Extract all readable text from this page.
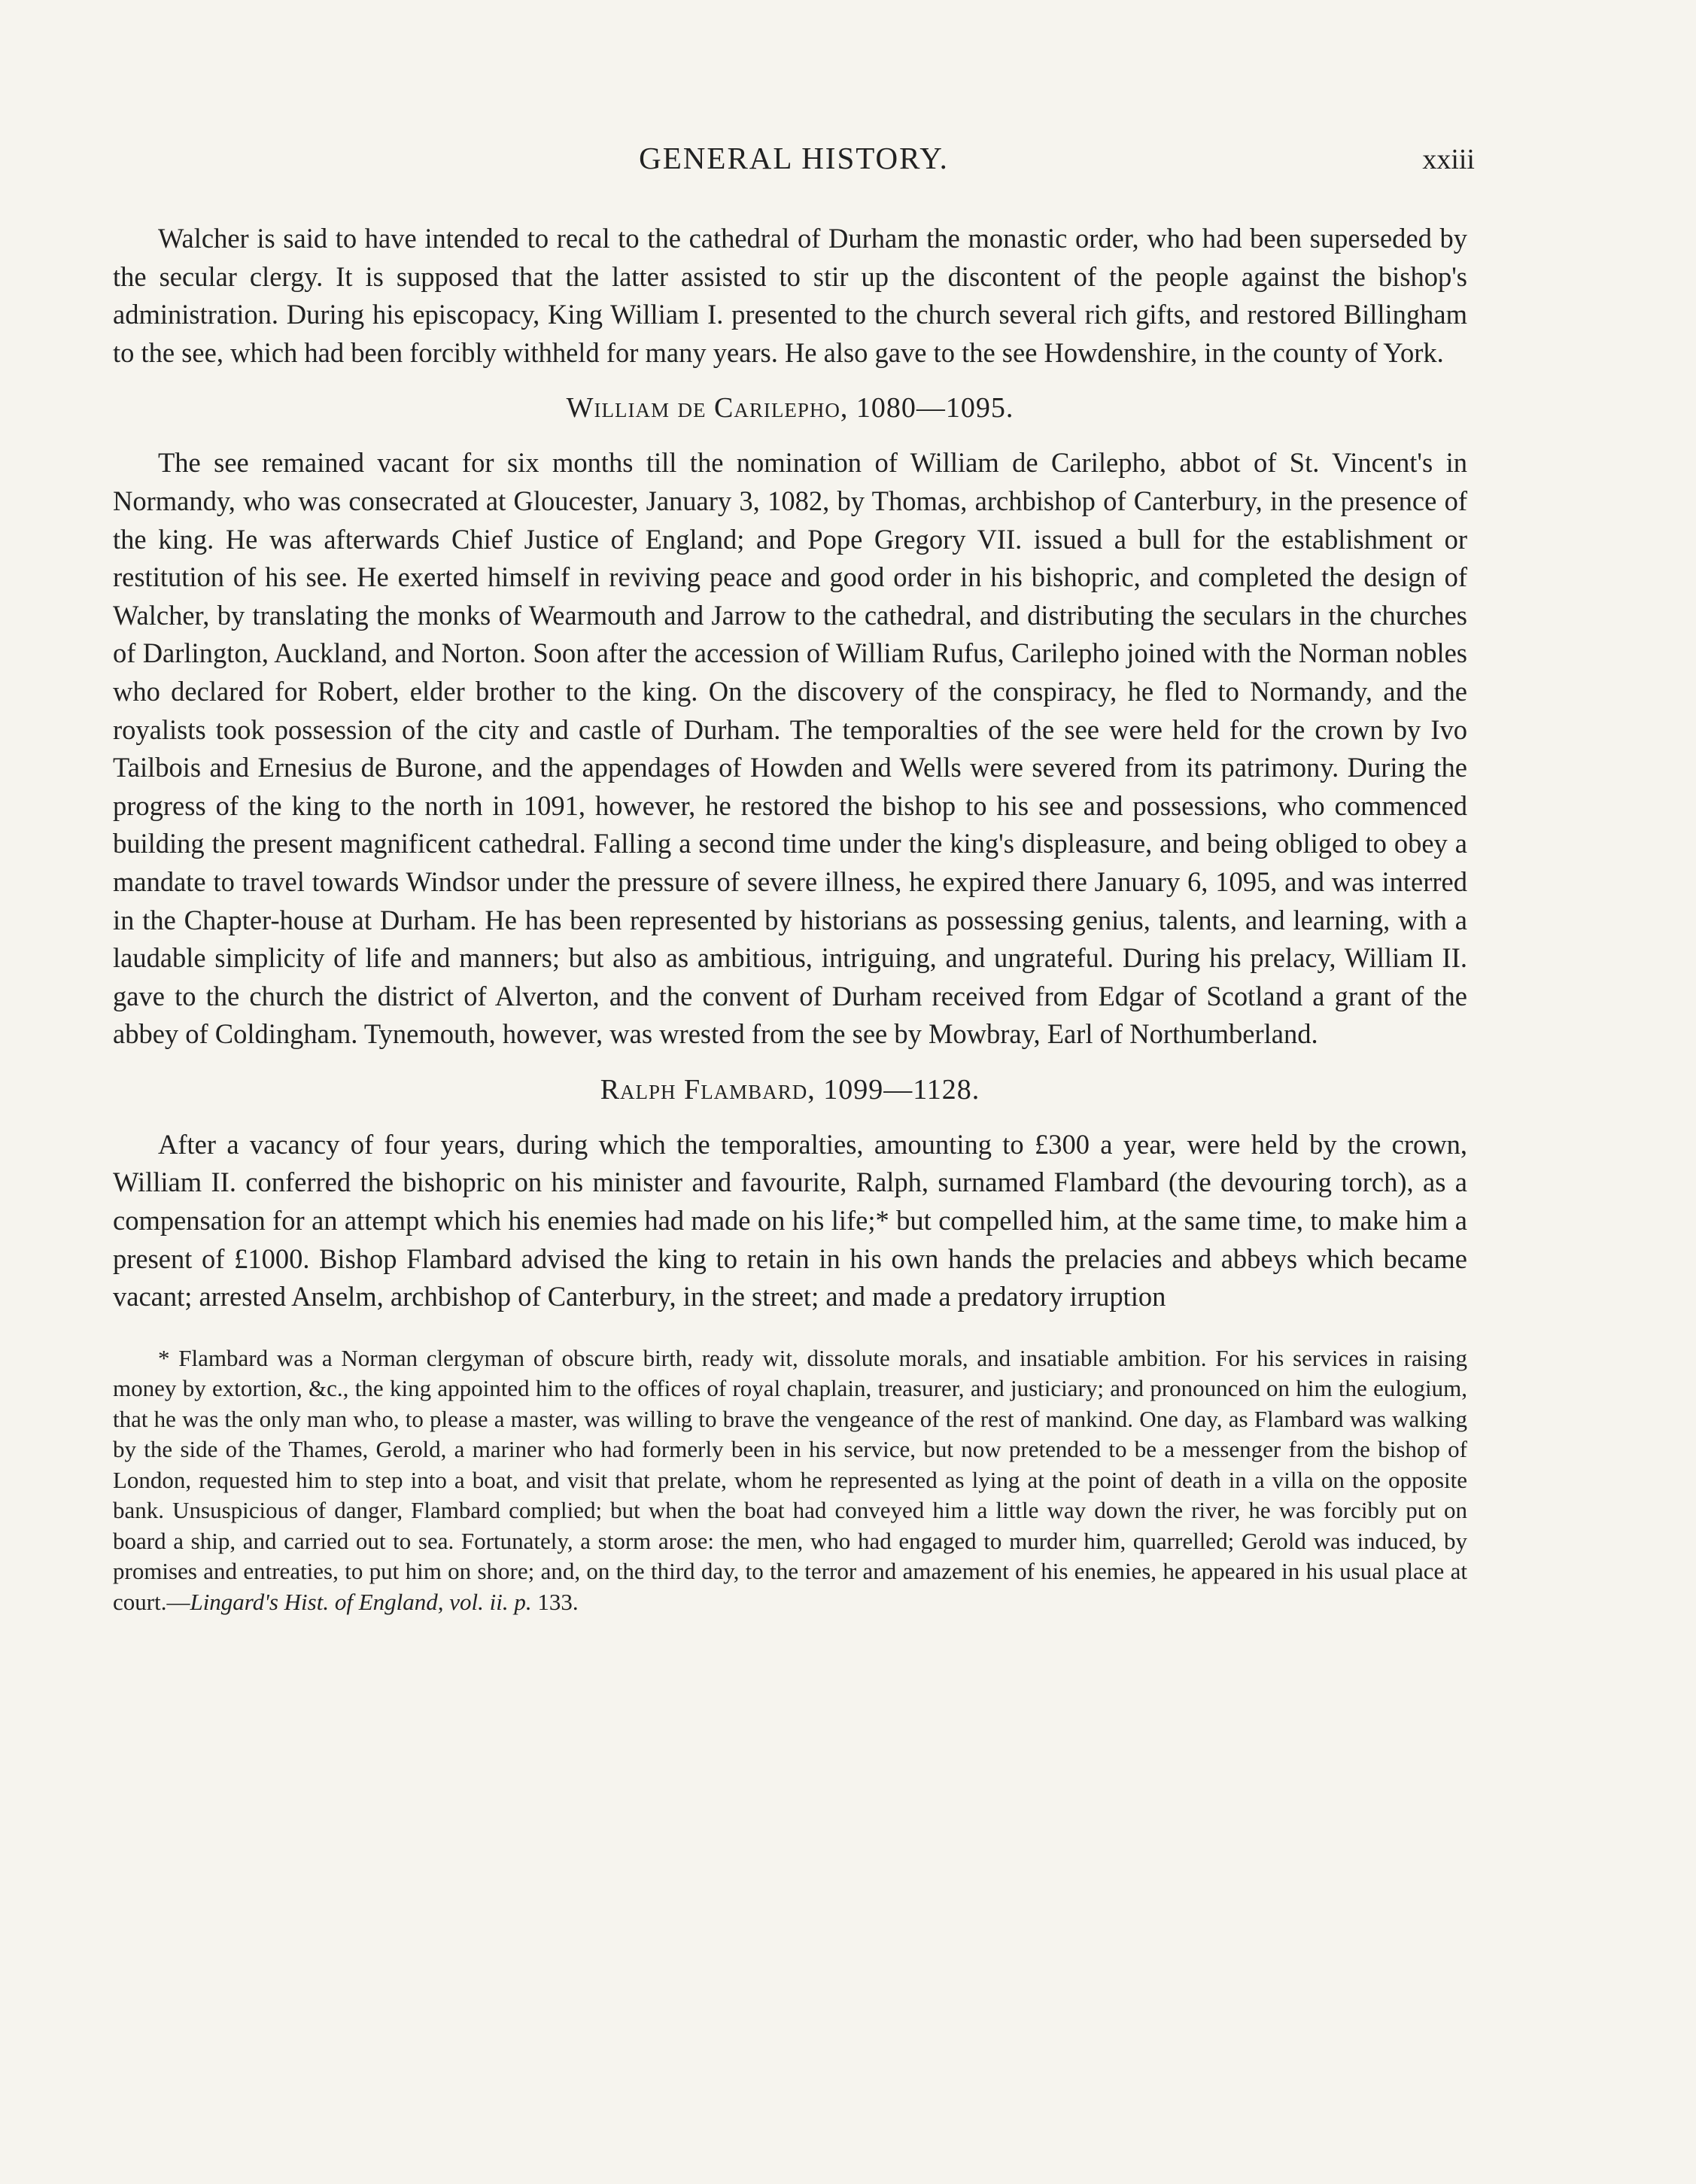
GENERAL HISTORY.	xxiii

Walcher is said to have intended to recal to the cathedral of Durham the monastic order, who had been superseded by the secular clergy. It is supposed that the latter assisted to stir up the discontent of the people against the bishop's administration. During his episcopacy, King William I. presented to the church several rich gifts, and restored Billingham to the see, which had been forcibly withheld for many years. He also gave to the see Howdenshire, in the county of York.

William de Carilepho, 1080—1095.

The see remained vacant for six months till the nomination of William de Carilepho, abbot of St. Vincent's in Normandy, who was consecrated at Gloucester, January 3, 1082, by Thomas, archbishop of Canterbury, in the presence of the king. He was afterwards Chief Justice of England; and Pope Gregory VII. issued a bull for the establishment or restitution of his see. He exerted himself in reviving peace and good order in his bishopric, and completed the design of Walcher, by translating the monks of Wearmouth and Jarrow to the cathedral, and distributing the seculars in the churches of Darlington, Auckland, and Norton. Soon after the accession of William Rufus, Carilepho joined with the Norman nobles who declared for Robert, elder brother to the king. On the discovery of the conspiracy, he fled to Normandy, and the royalists took possession of the city and castle of Durham. The temporalties of the see were held for the crown by Ivo Tailbois and Ernesius de Burone, and the appendages of Howden and Wells were severed from its patrimony. During the progress of the king to the north in 1091, however, he restored the bishop to his see and possessions, who commenced building the present magnificent cathedral. Falling a second time under the king's displeasure, and being obliged to obey a mandate to travel towards Windsor under the pressure of severe illness, he expired there January 6, 1095, and was interred in the Chapter-house at Durham. He has been represented by historians as possessing genius, talents, and learning, with a laudable simplicity of life and manners; but also as ambitious, intriguing, and ungrateful. During his prelacy, William II. gave to the church the district of Alverton, and the convent of Durham received from Edgar of Scotland a grant of the abbey of Coldingham. Tynemouth, however, was wrested from the see by Mowbray, Earl of Northumberland.

Ralph Flambard, 1099—1128.

After a vacancy of four years, during which the temporalties, amounting to £300 a year, were held by the crown, William II. conferred the bishopric on his minister and favourite, Ralph, surnamed Flambard (the devouring torch), as a compensation for an attempt which his enemies had made on his life;* but compelled him, at the same time, to make him a present of £1000. Bishop Flambard advised the king to retain in his own hands the prelacies and abbeys which became vacant; arrested Anselm, archbishop of Canterbury, in the street; and made a predatory irruption

* Flambard was a Norman clergyman of obscure birth, ready wit, dissolute morals, and insatiable ambition. For his services in raising money by extortion, &c., the king appointed him to the offices of royal chaplain, treasurer, and justiciary; and pronounced on him the eulogium, that he was the only man who, to please a master, was willing to brave the vengeance of the rest of mankind. One day, as Flambard was walking by the side of the Thames, Gerold, a mariner who had formerly been in his service, but now pretended to be a messenger from the bishop of London, requested him to step into a boat, and visit that prelate, whom he represented as lying at the point of death in a villa on the opposite bank. Unsuspicious of danger, Flambard complied; but when the boat had conveyed him a little way down the river, he was forcibly put on board a ship, and carried out to sea. Fortunately, a storm arose: the men, who had engaged to murder him, quarrelled; Gerold was induced, by promises and entreaties, to put him on shore; and, on the third day, to the terror and amazement of his enemies, he appeared in his usual place at court.—Lingard's Hist. of England, vol. ii. p. 133.
